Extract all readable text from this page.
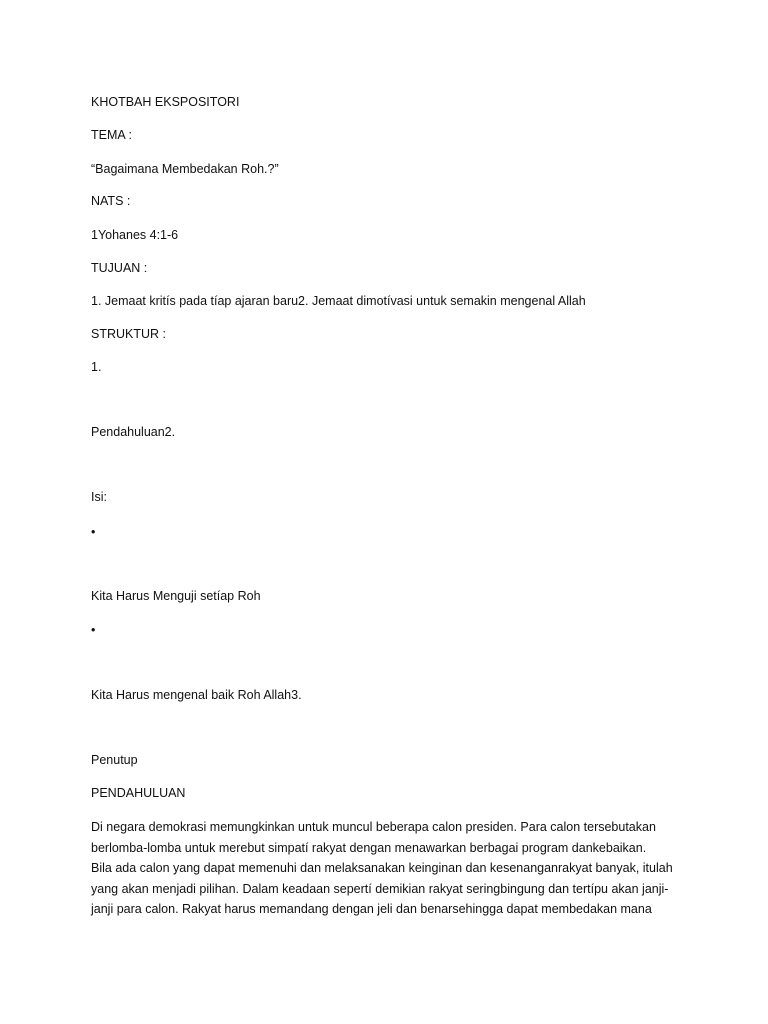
KHOTBAH EKSPOSITORI
TEMA :
“Bagaimana Membedakan Roh.?”
NATS :
1Yohanes 4:1-6
TUJUAN :
1. Jemaat kritís pada tíap ajaran baru2. Jemaat dimotívasi untuk semakin mengenal Allah
STRUKTUR :
1.
Pendahuluan2.
Isi:
•
Kita Harus Menguji setíap Roh
•
Kita Harus mengenal baik Roh Allah3.
Penutup
PENDAHULUAN
Di negara demokrasi memungkinkan untuk muncul beberapa calon presiden. Para calon tersebutakan
berlomba-lomba untuk merebut simpatí rakyat dengan menawarkan berbagai program dankebaikan.
Bila ada calon yang dapat memenuhi dan melaksanakan keinginan dan kesenanganrakyat banyak, itulah
yang akan menjadi pilihan. Dalam keadaan sepertí demikian rakyat seringbingung dan tertípu akan janji-
janji para calon. Rakyat harus memandang dengan jeli dan benarsehingga dapat membedakan mana
